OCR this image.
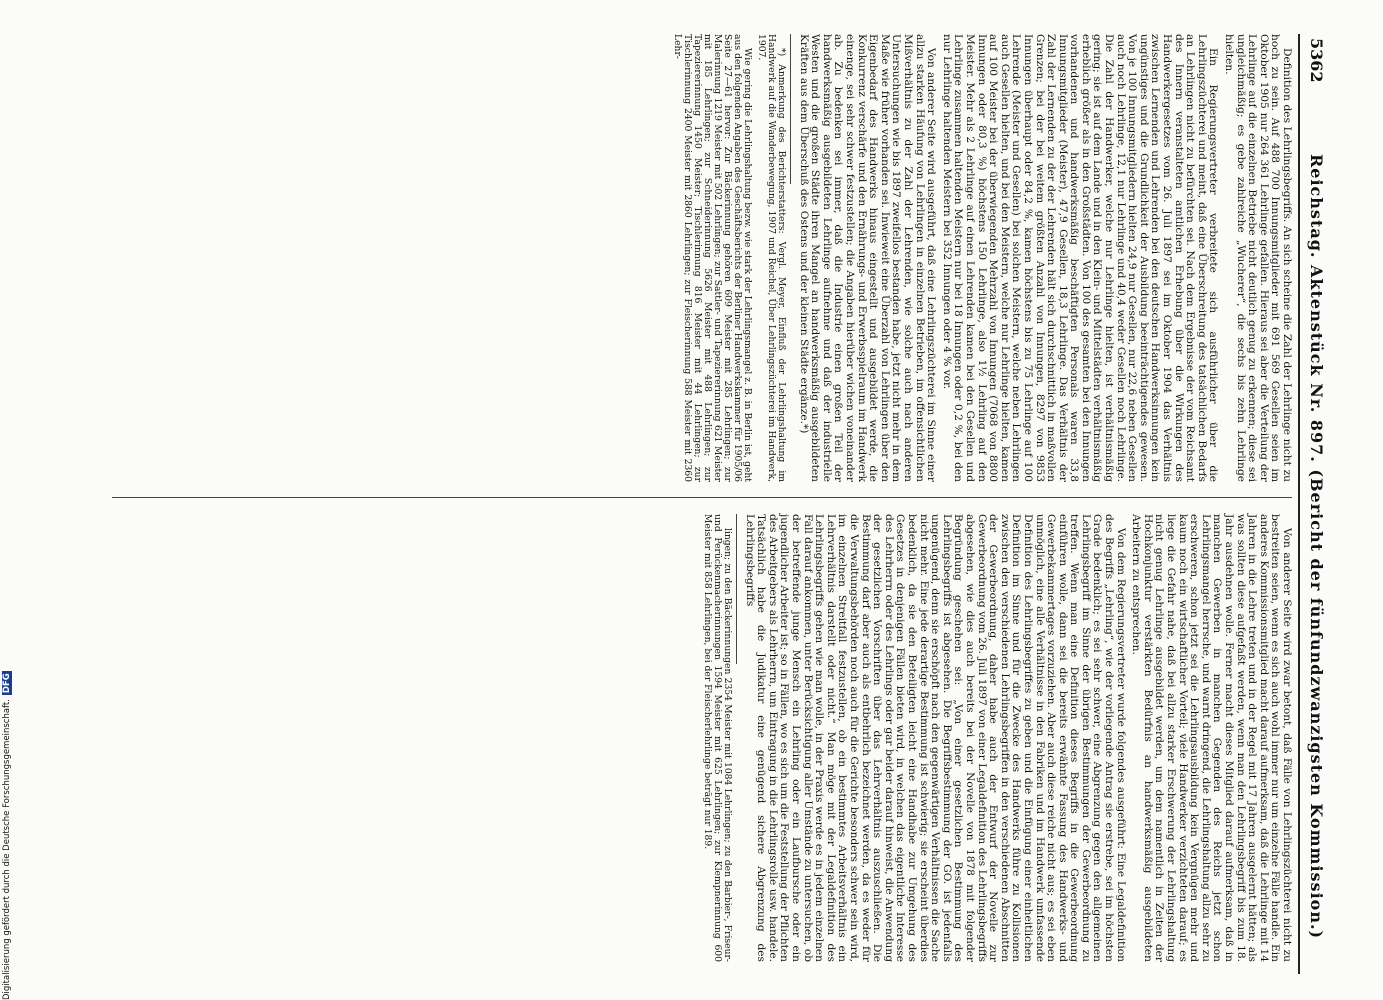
5362
Reichstag. Aktenstück Nr. 897. (Bericht der fünfundzwanzigsten Kommission.)

Definition des Lehrlingsbegriffs. An sich scheine die Zahl der Lehrlinge nicht zu hoch zu sein. Auf 488 700 Innungsmitglieder mit 691 569 Gesellen seien im Oktober 1905 nur 264 361 Lehrlinge gefallen. Hieraus sei aber die Verteilung der Lehrlinge auf die einzelnen Betriebe nicht deutlich genug zu erkennen; diese sei ungleichmäßig; es gebe zahlreiche „Wucherer“, die sechs bis zehn Lehrlinge hielten.

Ein Regierungsvertreter verbreitete sich ausführlicher über die Lehrlingszüchterei und meint, daß eine Überschreitung des tatsächlichen Bedarfs an Lehrlingen nicht zu befürchten sei. Nach dem Ergebnisse der vom Reichsamt des Innern veranstalteten amtlichen Erhebung über die Wirkungen des Handwerkergesetzes vom 26. Juli 1897 sei im Oktober 1904 das Verhältnis zwischen Lernenden und Lehrenden bei den deutschen Handwerksinnungen kein ungünstiges und die Grundlichkeit der Ausbildung beeinträchtigendes gewesen. Von je 100 Innungsmitgliedern hielten 24,9 nur Gesellen, nur 22,6 neben Gesellen auch noch Lehrlinge, 12,1 nur Lehrlinge und 40,4 weder Gesellen noch Lehrlinge. Die Zahl der Handwerker, welche nur Lehrlinge hielten, ist verhältnismäßig gering; sie ist auf dem Lande und in den Klein- und Mittelstädten verhältnismäßig erheblich größer als in den Großstädten. Von 100 des gesamten bei den Innungen vorhandenen und handwerksmäßig beschäftigten Personals waren 33,8 Innungsmitglieder (Meister), 47,9 Gesellen, 18,3 Lehrlinge. Das Verhältnis der Zahl der Lernenden zu der der Lehrenden hält sich durchschnittlich in maßvollen Grenzen; bei der bei weitem größten Anzahl von Innungen, 8297 von 9853 Innungen überhaupt oder 84,2 %, kamen höchstens bis zu 75 Lehrlinge auf 100 Lehrende (Meister und Gesellen) bei solchen Meistern, welche neben Lehrlingen auch Gesellen hielten, und bei den Meistern, welche nur Lehrlinge hielten, kamen auf 100 Meister bei der überwiegenden Mehrzahl von Innungen (7068 von 8800 Innungen oder 80,3 %) höchstens 150 Lehrlinge, also 1½ Lehrling auf den Meister. Mehr als 2 Lehrlinge auf einen Lehrenden kamen bei den Gesellen und Lehrlinge zusammen haltenden Meistern nur bei 18 Innungen oder 0,2 %, bei den nur Lehrlinge haltenden Meistern bei 352 Innungen oder 4 % vor.

Von anderer Seite wird ausgeführt, daß eine Lehrlingszüchterei im Sinne einer allzu starken Häufung von Lehrlingen in einzelnen Betrieben, im offensichtlichen Mißverhältnis zu der Zahl der Lehrenden, wie solche auch nach anderen Untersuchungen wie bis 1897 zweifellos bestanden habe, jetzt nicht mehr in dem Maße wie früher vorhanden sei. Inwieweit eine Überzahl von Lehrlingen über den Eigenbedarf des Handwerks hinaus eingestellt und ausgebildet werde, die Konkurrenz verschärfe und den Ernährungs- und Erwerbsspielraum im Handwerk einenge, sei sehr schwer festzustellen; die Angaben hierüber wichen voneinander ab. Zu bedenken sei immer, daß die Industrie einen großen Teil der handwerksmäßig ausgebildeten Lehrlinge aufnehme und daß der industrielle Westen und die großen Städte ihren Mangel an handwerksmäßig ausgebildeten Kräften aus dem Überschuß des Ostens und der kleinen Städte ergänze.*)

*) Anmerkung des Berichterstatters: Vergl. Meyer, Einfluß der Lehrlingshaltung im Handwerk auf die Wanderbewegung, 1907 und Reichel, Über Lehrlingszüchterei im Handwerk, 1907.

Wie gering die Lehrlingshaltung bezw. wie stark der Lehrlingsmangel z. B. in Berlin ist, geht aus den folgenden Angaben des Geschäftsberichts der Berliner Handwerkskammer für 1905/06 Seite 27—61 hervor: Zur Bäckerinnung gehören 609 Meister mit 285 Lehrlingen; zur Malerinnung 1219 Meister mit 502 Lehrlingen; zur Sattler- und Tapeziererinnung 621 Meister mit 185 Lehrlingen; zur Schneiderinnung 5626 Meister mit 488 Lehrlingen; zur Tapeziererinnung 1450 Meister; Tischlerinnung 816 Meister mit 44 Lehrlingen; zur Tischlerinnung 2400 Meister mit 2860 Lehrlingen; zur Fleischerinnung 588 Meister mit 2360 Lehr-

Von anderer Seite wird zwar betont, daß Fälle von Lehrlingszüchterei nicht zu bestreiten seien, wenn es sich auch wohl immer nur um einzelne Fälle handle. Ein anderes Kommissionsmitglied macht darauf aufmerksam, daß die Lehrlinge mit 14 Jahren in die Lehre treten und in der Regel mit 17 Jahren ausgelernt hätten; als was sollten diese aufgefaßt werden, wenn man den Lehrlingsbegriff bis zum 18. Jahr ausdehnen wolle. Ferner macht dieses Mitglied darauf aufmerksam, daß in manchen Gewerben in manchen Gegenden des Reichs jetzt schon Lehrlingsmangel herrsche, und warnt dringend, die Lehrlingshaltung allzu sehr zu erschweren, schon jetzt sei die Lehrlingsausbildung kein Vergnügen mehr und kaum noch ein wirtschaftlicher Vorteil; viele Handwerker verzichteten darauf; es liege die Gefahr nahe, daß bei allzu starker Erschwerung der Lehrlingshaltung nicht genug Lehrlinge ausgebildet werden, um dem namentlich in Zeiten der Hochkonjunktur verstärkten Bedürfnis an handwerksmäßig ausgebildeten Arbeitern zu entsprechen.

Von dem Regierungsvertreter wurde folgendes ausgeführt: Eine Legaldefinition des Begriffs „Lehrling“, wie der vorliegende Antrag sie erstrebe, sei im höchsten Grade bedenklich; es sei sehr schwer, eine Abgrenzung gegen den allgemeinen Lehrlingsbegriff im Sinne der übrigen Bestimmungen der Gewerbeordnung zu treffen. Wenn man eine Definition dieses Begriffs in die Gewerbeordnung einführen wolle, dann sei die bereits erwähnte Fassung des Handwerks- und Gewerbekammertages vorzuziehen. Aber auch diese reiche nicht aus; es sei eben unmöglich, eine alle Verhältnisse in den Fabriken und im Handwerk umfassende Definition des Lehrlingsbegriffes zu geben und die Einfügung einer einheitlichen Definition im Sinne und für die Zwecke des Handwerks führe zu Kollisionen zwischen den verschiedenen Lehrlingsbegriffen in den verschiedenen Abschnitten der Gewerbeordnung, daher habe auch der Entwurf der Novelle zur Gewerbeordnung vom 26. Juli 1897 von einer Legaldefinition des Lehrlingsbegriffs abgesehen, wie dies auch bereits bei der Novelle von 1878 mit folgender Begründung geschehen sei: „Von einer gesetzlichen Bestimmung des Lehrlingsbegriffs ist abgesehen. Die Begriffsbestimmung der GO. ist jedenfalls ungenügend, denn sie erschöpft nach den gegenwärtigen Verhältnissen die Sache nicht mehr. Eine jede derartige Bestimmung ist schwierig; sie erscheint überdies bedenklich, da sie den Beteiligten leicht eine Handhabe zur Umgehung des Gesetzes in denjenigen Fällen bieten wird, in welchen das eigentliche Interesse des Lehrherrn oder des Lehrlings oder gar beider darauf hinweist, die Anwendung der gesetzlichen Vorschriften über das Lehrverhältnis auszuschließen. Die Bestimmung darf aber auch als entbehrlich bezeichnet werden, da es weder für die Verwaltungsbehörden noch auch für die Gerichte besonders schwer sein wird, im einzelnen Streitfall festzustellen, ob ein bestimmtes Arbeitsverhältnis ein Lehrverhältnis darstellt oder nicht.“ Man möge mit der Legaldefinition des Lehrlingsbegriffs gehen wie man wolle, in der Praxis werde es in jedem einzelnen Fall darauf ankommen, unter Berücksichtigung aller Umstände zu untersuchen, ob der betreffende junge Mensch ein Lehrling oder ein Laufbursche oder ein jugendlicher Arbeiter ist; so in Fällen, wo es sich um die Feststellung der Pflichten des Arbeitgebers als Lehrherrn, um Eintragung in die Lehrlingsrolle usw. handele. Tatsächlich habe die Judikatur eine genügend sichere Abgrenzung des Lehrlingsbegriffs

lingen; zu den Bäckerinnungen 2354 Meister mit 1084 Lehrlingen; zu den Barbier-, Friseur- und Perückenmacherinnungen 1594 Meister mit 625 Lehrlingen; zur Klempnerinnung 600 Meister mit 858 Lehrlingen, bei der Fleischerlehrlinge beträgt nur 189.

Digitalisierung gefördert durch die Deutsche Forschungsgemeinschaft.DFG
